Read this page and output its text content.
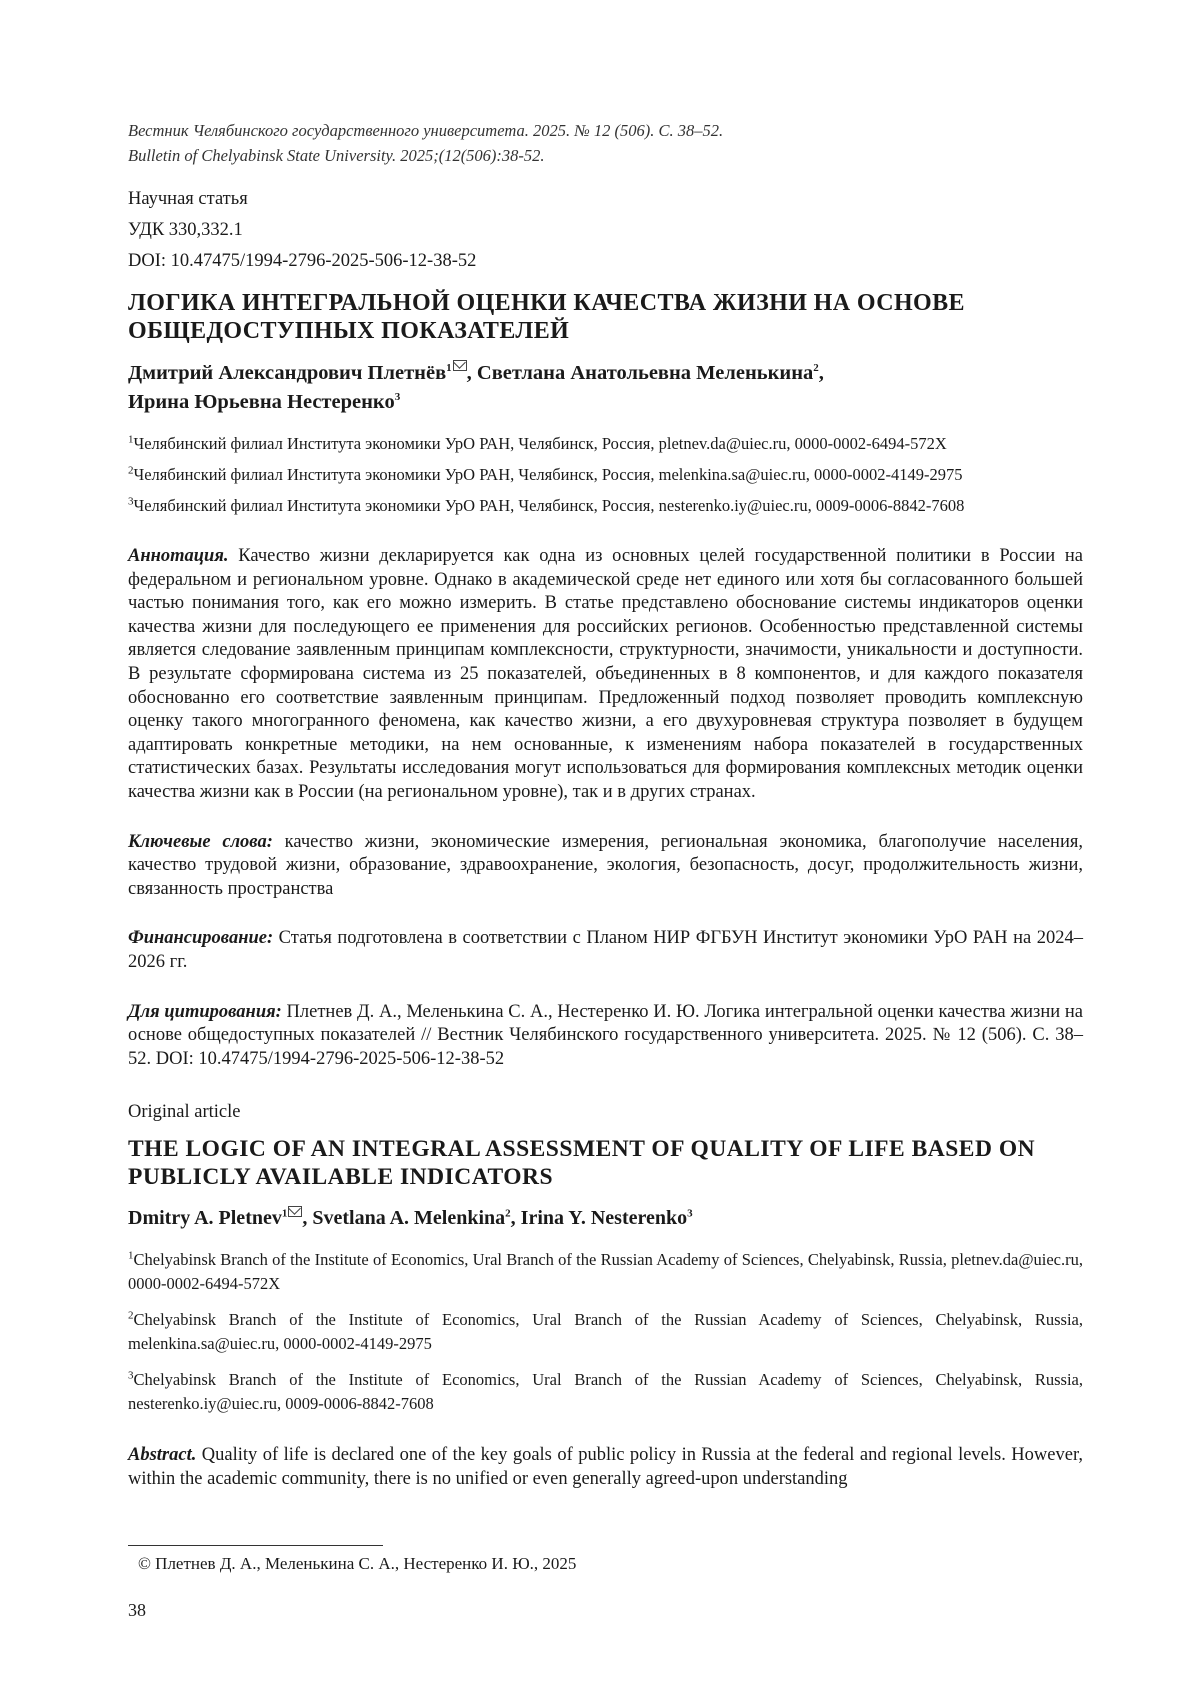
Вестник Челябинского государственного университета. 2025. № 12 (506). С. 38–52.
Bulletin of Chelyabinsk State University. 2025;(12(506):38-52.
Научная статья
УДК 330,332.1
DOI: 10.47475/1994-2796-2025-506-12-38-52
ЛОГИКА ИНТЕГРАЛЬНОЙ ОЦЕНКИ КАЧЕСТВА ЖИЗНИ НА ОСНОВЕ
ОБЩЕДОСТУПНЫХ ПОКАЗАТЕЛЕЙ
Дмитрий Александрович Плетнёв$^1$ , Светлана Анатольевна Меленькина$^2$,
Ирина Юрьевна Нестеренко$^3$
$^1$Челябинский филиал Института экономики УрО РАН, Челябинск, Россия, pletnev.da@uiec.ru, 0000-0002-6494-572X
$^2$Челябинский филиал Института экономики УрО РАН, Челябинск, Россия, melenkina.sa@uiec.ru, 0000-0002-4149-2975
$^3$Челябинский филиал Института экономики УрО РАН, Челябинск, Россия, nesterenko.iy@uiec.ru, 0009-0006-8842-7608
Аннотация. Качество жизни декларируется как одна из основных целей государственной политики в России на федеральном и региональном уровне. Однако в академической среде нет единого или хотя бы согласованного большей частью понимания того, как его можно измерить. В статье представлено обоснование системы индикаторов оценки качества жизни для последующего ее применения для российских регионов. Особенностью представленной системы является следование заявленным принципам комплексности, структурности, значимости, уникальности и доступности. В результате сформирована система из 25 показателей, объединенных в 8 компонентов, и для каждого показателя обоснованно его соответствие заявленным принципам. Предложенный подход позволяет проводить комплексную оценку такого многогранного феномена, как качество жизни, а его двухуровневая структура позволяет в будущем адаптировать конкретные методики, на нем основанные, к изменениям набора показателей в государственных статистических базах. Результаты исследования могут использоваться для формирования комплексных методик оценки качества жизни как в России (на региональном уровне), так и в других странах.
Ключевые слова: качество жизни, экономические измерения, региональная экономика, благополучие населения, качество трудовой жизни, образование, здравоохранение, экология, безопасность, досуг, продолжительность жизни, связанность пространства
Финансирование: Статья подготовлена в соответствии с Планом НИР ФГБУН Институт экономики УрО РАН на 2024–2026 гг.
Для цитирования: Плетнев Д. А., Меленькина С. А., Нестеренко И. Ю. Логика интегральной оценки качества жизни на основе общедоступных показателей // Вестник Челябинского государственного университета. 2025. № 12 (506). С. 38–52. DOI: 10.47475/1994-2796-2025-506-12-38-52
Original article
THE LOGIC OF AN INTEGRAL ASSESSMENT OF QUALITY OF LIFE BASED ON
PUBLICLY AVAILABLE INDICATORS
Dmitry A. Pletnev$^1$ , Svetlana A. Melenkina$^2$, Irina Y. Nesterenko$^3$
$^1$Chelyabinsk Branch of the Institute of Economics, Ural Branch of the Russian Academy of Sciences, Chelyabinsk, Russia, pletnev.da@uiec.ru, 0000-0002-6494-572X
$^2$Chelyabinsk Branch of the Institute of Economics, Ural Branch of the Russian Academy of Sciences, Chelyabinsk, Russia, melenkina.sa@uiec.ru, 0000-0002-4149-2975
$^3$Chelyabinsk Branch of the Institute of Economics, Ural Branch of the Russian Academy of Sciences, Chelyabinsk, Russia, nesterenko.iy@uiec.ru, 0009-0006-8842-7608
Abstract. Quality of life is declared one of the key goals of public policy in Russia at the federal and regional levels. However, within the academic community, there is no unified or even generally agreed-upon understanding
© Плетнев Д. А., Меленькина С. А., Нестеренко И. Ю., 2025
38
